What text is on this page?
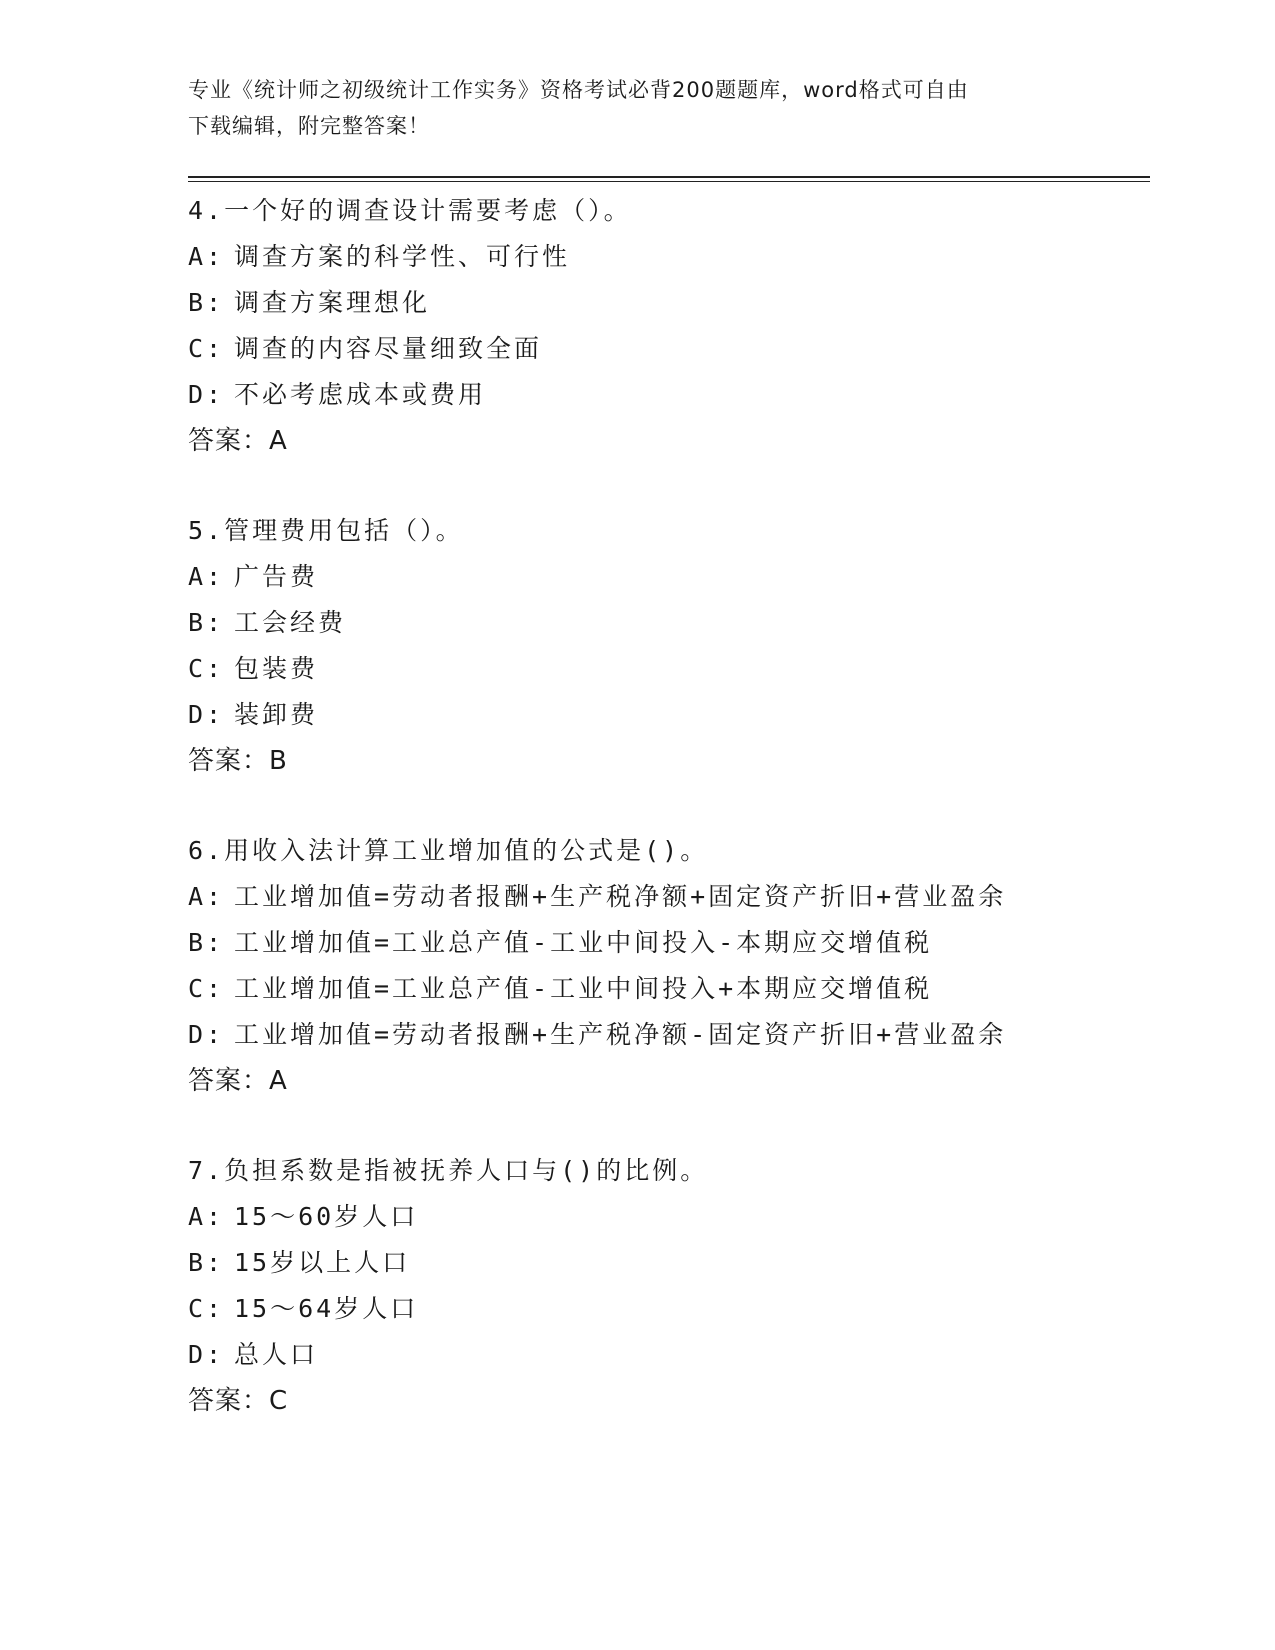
专业《统计师之初级统计工作实务》资格考试必背200题题库，word格式可自由
下载编辑，附完整答案！
4.一个好的调查设计需要考虑（）。
A: 调查方案的科学性、可行性
B: 调查方案理想化
C: 调查的内容尽量细致全面
D: 不必考虑成本或费用
答案：A
5.管理费用包括（）。
A: 广告费
B: 工会经费
C: 包装费
D: 装卸费
答案：B
6.用收入法计算工业增加值的公式是()。
A: 工业增加值=劳动者报酬+生产税净额+固定资产折旧+营业盈余
B: 工业增加值=工业总产值-工业中间投入-本期应交增值税
C: 工业增加值=工业总产值-工业中间投入+本期应交增值税
D: 工业增加值=劳动者报酬+生产税净额-固定资产折旧+营业盈余
答案：A
7.负担系数是指被抚养人口与()的比例。
A: 15～60岁人口
B: 15岁以上人口
C: 15～64岁人口
D: 总人口
答案：C
